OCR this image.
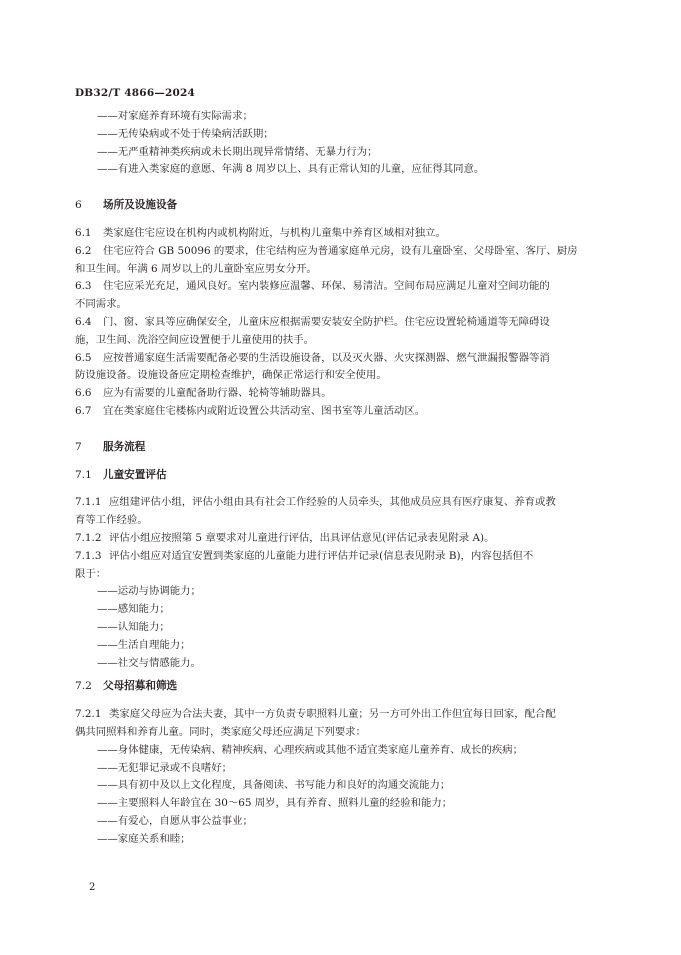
DB32/T 4866—2024
——对家庭养育环境有实际需求；
——无传染病或不处于传染病活跃期；
——无严重精神类疾病或未长期出现异常情绪、无暴力行为；
——有进入类家庭的意愿、年满 8 周岁以上、具有正常认知的儿童，应征得其同意。
6 场所及设施设备
6.1 类家庭住宅应设在机构内或机构附近，与机构儿童集中养育区域相对独立。
6.2 住宅应符合 GB 50096 的要求，住宅结构应为普通家庭单元房，设有儿童卧室、父母卧室、客厅、厨房
和卫生间。年满 6 周岁以上的儿童卧室应男女分开。
6.3 住宅应采光充足，通风良好。室内装修应温馨、环保、易清洁。空间布局应满足儿童对空间功能的
不同需求。
6.4 门、窗、家具等应确保安全，儿童床应根据需要安装安全防护栏。住宅应设置轮椅通道等无障碍设
施，卫生间、洗浴空间应设置便于儿童使用的扶手。
6.5 应按普通家庭生活需要配备必要的生活设施设备，以及灭火器、火灾探测器、燃气泄漏报警器等消
防设施设备。设施设备应定期检查维护，确保正常运行和安全使用。
6.6 应为有需要的儿童配备助行器、轮椅等辅助器具。
6.7 宜在类家庭住宅楼栋内或附近设置公共活动室、图书室等儿童活动区。
7 服务流程
7.1 儿童安置评估
7.1.1 应组建评估小组，评估小组由具有社会工作经验的人员牵头，其他成员应具有医疗康复、养育或教
育等工作经验。
7.1.2 评估小组应按照第 5 章要求对儿童进行评估，出具评估意见(评估记录表见附录 A)。
7.1.3 评估小组应对适宜安置到类家庭的儿童能力进行评估并记录(信息表见附录 B)，内容包括但不
限于：
——运动与协调能力；
——感知能力；
——认知能力；
——生活自理能力；
——社交与情感能力。
7.2 父母招募和筛选
7.2.1 类家庭父母应为合法夫妻，其中一方负责专职照料儿童；另一方可外出工作但宜每日回家，配合配
偶共同照料和养育儿童。同时，类家庭父母还应满足下列要求：
——身体健康，无传染病、精神疾病、心理疾病或其他不适宜类家庭儿童养育、成长的疾病；
——无犯罪记录或不良嗜好；
——具有初中及以上文化程度，具备阅读、书写能力和良好的沟通交流能力；
——主要照料人年龄宜在 30～65 周岁，具有养育、照料儿童的经验和能力；
——有爱心，自愿从事公益事业；
——家庭关系和睦；
2
